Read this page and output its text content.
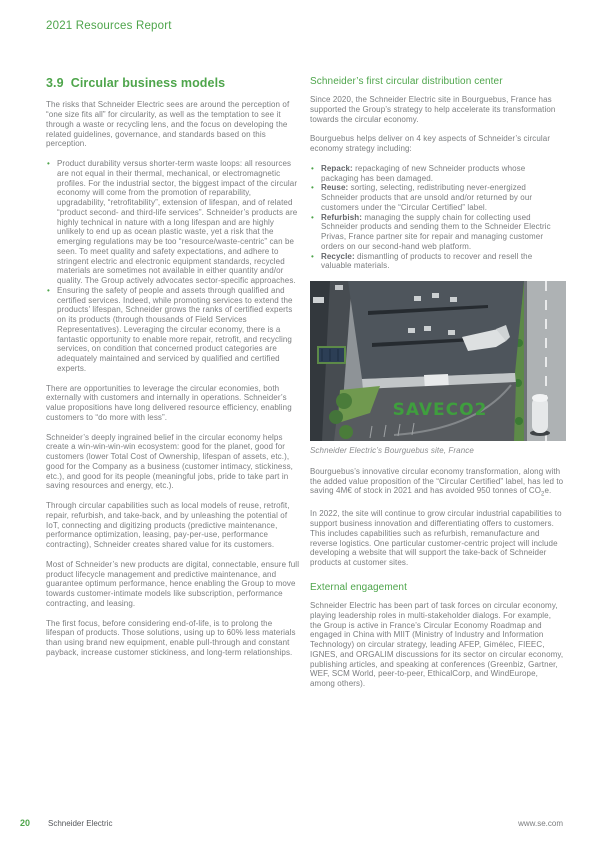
2021 Resources Report
3.9 Circular business models

The risks that Schneider Electric sees are around the perception of “one size fits all” for circularity, as well as the temptation to see it through a waste or recycling lens, and the focus on developing the related guidelines, governance, and standards based on this perception.

• Product durability versus shorter-term waste loops: all resources are not equal in their thermal, mechanical, or electromagnetic profiles. For the industrial sector, the biggest impact of the circular economy will come from the promotion of reparability, upgradability, “retrofitability”, extension of lifespan, and of related “product second- and third-life services”. Schneider’s products are highly technical in nature with a long lifespan and are highly unlikely to end up as ocean plastic waste, yet a risk that the emerging regulations may be too “resource/waste-centric” can be seen. To meet quality and safety expectations, and adhere to stringent electric and electronic equipment standards, recycled materials are sometimes not available in either quantity and/or quality. The Group actively advocates sector-specific approaches.
• Ensuring the safety of people and assets through qualified and certified services. Indeed, while promoting services to extend the products’ lifespan, Schneider grows the ranks of certified experts on its products (through thousands of Field Services Representatives). Leveraging the circular economy, there is a fantastic opportunity to enable more repair, retrofit, and recycling services, on condition that concerned product categories are adequately maintained and serviced by qualified and certified experts.

There are opportunities to leverage the circular economies, both externally with customers and internally in operations. Schneider’s value propositions have long delivered resource efficiency, enabling customers to “do more with less”.

Schneider’s deeply ingrained belief in the circular economy helps create a win-win-win-win ecosystem: good for the planet, good for customers (lower Total Cost of Ownership, lifespan of assets, etc.), good for the Company as a business (customer intimacy, stickiness, etc.), and good for its people (meaningful jobs, pride to take part in saving resources and energy, etc.).

Through circular capabilities such as local models of reuse, retrofit, repair, refurbish, and take-back, and by unleashing the potential of IoT, connecting and digitizing products (predictive maintenance, performance optimization, leasing, pay-per-use, performance contracting), Schneider creates shared value for its customers.

Most of Schneider’s new products are digital, connectable, ensure full product lifecycle management and predictive maintenance, and guarantee optimum performance, hence enabling the Group to move towards customer-intimate models like subscription, performance contracting, and leasing.

The first focus, before considering end-of-life, is to prolong the lifespan of products. Those solutions, using up to 60% less materials than using brand new equipment, enable pull-through and constant payback, increase customer stickiness, and long-term relationships.

Schneider’s first circular distribution center

Since 2020, the Schneider Electric site in Bourguebus, France has supported the Group’s strategy to help accelerate its transformation towards the circular economy.

Bourguebus helps deliver on 4 key aspects of Schneider’s circular economy strategy including:

• Repack: repackaging of new Schneider products whose packaging has been damaged.
• Reuse: sorting, selecting, redistributing never-energized Schneider products that are unsold and/or returned by our customers under the “Circular Certified” label.
• Refurbish: managing the supply chain for collecting used Schneider products and sending them to the Schneider Electric Privas, France partner site for repair and managing customer orders on our second-hand web platform.
• Recycle: dismantling of products to recover and resell the valuable materials.
SAVECO2
Schneider Electric’s Bourguebus site, France

Bourguebus’s innovative circular economy transformation, along with the added value proposition of the “Circular Certified” label, has led to saving 4M€ of stock in 2021 and has avoided 950 tonnes of $CO_2e$.

In 2022, the site will continue to grow circular industrial capabilities to support business innovation and differentiating offers to customers. This includes capabilities such as refurbish, remanufacture and reverse logistics. One particular customer-centric project will include developing a website that will support the take-back of Schneider products at customer sites.

External engagement

Schneider Electric has been part of task forces on circular economy, playing leadership roles in multi-stakeholder dialogs. For example, the Group is active in France’s Circular Economy Roadmap and engaged in China with MIIT (Ministry of Industry and Information Technology) on circular strategy, leading AFEP, Gimélec, FIEEC, IGNES, and ORGALIM discussions for its sector on circular economy, publishing articles, and speaking at conferences (Greenbiz, Gartner, WEF, SCM World, peer-to-peer, EthicalCorp, and WindEurope, among others).

20 Schneider Electric	www.se.com
